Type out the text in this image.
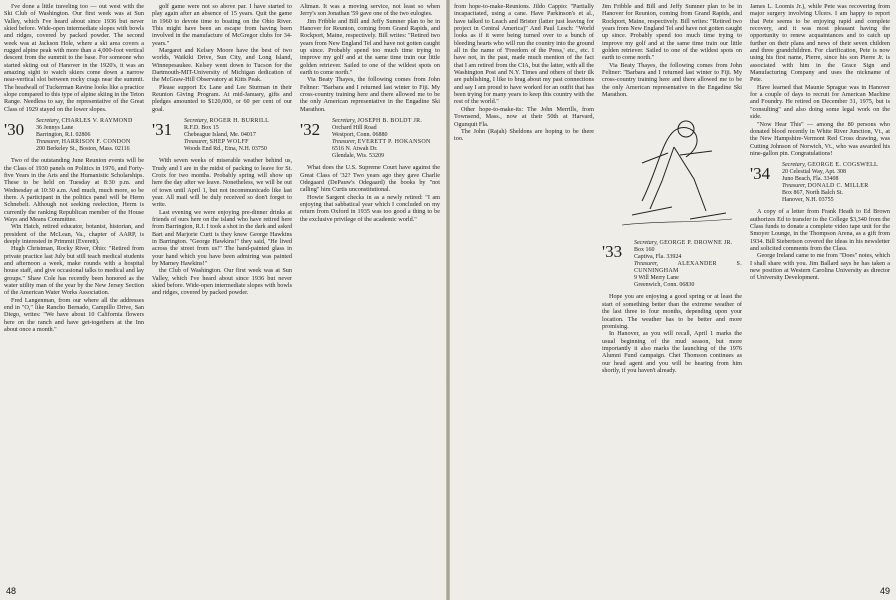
I've done a little traveling too — out west with the Ski Club of Washington. Our first week was at Sun Valley, which I've heard about since 1936 but never skied before. Wide-open intermediate slopes with bowls and ridges, covered by packed powder. The second week was at Jackson Hole, where a ski area covers a rugged alpine peak with more than a 4,000-foot vertical descent from the summit to the base. For someone who started skiing out of Hanover in the 1920's, it was an amazing sight to watch skiers come down a narrow near-vertical slot between rocky crags near the summit. The headwall of Tuckerman Ravine looks like a practice slope compared to this type of alpine skiing in the Teton Range. Needless to say, the representative of the Great Class of 1929 stayed on the lower slopes.

'30	Secretary, CHARLES V. RAYMOND
36 Jennys Lane
Barrington, R.I. 02806
Treasurer, HARRISON F. CONDON
200 Berkeley St., Boston, Mass. 02116

Two of the outstanding June Reunion events will be the Class of 1930 panels on Politics in 1976, and Forty-five Years in the Arts and the Humanistic Scholarships. These to be held on Tuesday at 8:30 p.m. and Wednesday at 10:30 a.m. And much, much more, so be there. A participant in the politics panel will be Herm Schnebelt. Although not seeking reelection, Herm is currently the ranking Republican member of the House Ways and Means Committee.

Win Hatch, retired educator, botanist, historian, and president of the McLean, Va., chapter of AARP, is deeply interested in Primmit (Everett).

Hugh Christman, Rocky River, Ohio: "Retired from private practice last July but still teach medical students and afternoon a week, make rounds with a hospital house staff, and give occasional talks to medical and lay groups." Shaw Cole has recently been honored as the water utility man of the year by the New Jersey Section of the American Water Works Association.

Fred Langenman, from our where all the addresses end in "O," like Rancho Bernado, Campillo Drive, San Diego, writes: "We have about 10 California flowers here on the ranch and have get-togethers at the Inn about once a month."

golf game were not so above par. I have started to play again after an absence of 15 years. Quit the game in 1960 to devote time to boating on the Ohio River. This might have been an escape from having been involved in the manufacture of McGregor clubs for 34-years."

Margaret and Kelsey Moore have the best of two worlds, Waikiki Drive, Sun City, and Long Island, Winnepesaukee. Kelsey went down to Tucson for the Dartmouth-MIT-University of Michigan dedication of the McGraw-Hill Observatory at Kitts Peak.

Please support Ex Lane and Lee Sturman in their Reunion Giving Program. At mid-January, gifts and pledges amounted to $120,000, or 60 per cent of our goal.

'31	Secretary, ROGER H. BURRILL
R.F.D. Box 15
Chebeague Island, Me. 04017
Treasurer, SHEP WOLFF
Woods End Rd., Etna, N.H. 03750

With seven weeks of miserable weather behind us, Trudy and I are in the midst of packing to leave for St. Croix for two months. Probably spring will show up here the day after we leave. Nonetheless, we will be out of town until April 1, but not incommunicado like last year. All mail will be duly received so don't forget to write.

Last evening we were enjoying pre-dinner drinks at friends of ours here on the island who have retired here from Barrington, R.I. I took a shot in the dark and asked Bart and Marjorie Curti is they knew George Hawkins in Barrington. "George Hawkins!" they said, "He lived across the street from us!" The hand-painted glass in your hand which you have been admiring was painted by Marney Hawkins!"

the Club of Washington. Our first week was at Sun Valley, which I've heard about since 1936 but never skied before. Wide-open intermediate slopes with bowls and ridges, covered by packed powder.

Altman. It was a moving service, not least so when Jerry's son Jonathan '59 gave one of the two eulogies.

Jim Fribble and Bill and Jeffy Sumner plan to be in Hanover for Reunion, coming from Grand Rapids, and Rockport, Maine, respectively. Bill writes: "Retired two years from New England Tel and have not gotten caught up since. Probably spend too much time trying to improve my golf and at the same time train our little golden retriever. Sailed to one of the wildest spots on earth to come north."

Via Beaty Thayes, the following comes from John Feltner: "Barbara and I returned last winter to Fiji. My cross-country training here and there allowed me to be the only American representative in the Engadine Ski Marathon.

'32	Secretary, JOSEPH B. BOLDT JR.
Orchard Hill Road
Westport, Conn. 06880
Treasurer, EVERETT P. HOKANSON
6516 N. Atwah Dr.
Glendale, Wis. 53209

What does the U.S. Supreme Court have against the Great Class of '32? Two years ago they gave Charlie Odegaard (DePauw's Odegaard) the books by "not calling" him Curtis unconstitutional.

Howie Sargent checks in as a newly retired: "I am enjoying that sabbatical year which I concluded on my return from Oxford in 1935 was too good a thing to be the exclusive privilege of the academic world."

48

from hope-to-make-Reunions. Jildo Cappio: "Partially incapacitated, using a cane. Have Parkinson's et al., have talked to Leach and Brister (latter just leaving for project in Central America)" And Paul Lesch: "World looks as if it were being turned over to a bunch of bleeding hearts who will run the country into the ground all in the name of 'Freedom of the Press,' etc., etc. I have not, in the past, made much mention of the fact that I am retired from the CIA, but the latter, with all the Washington Post and N.Y. Times and others of their ilk are publishing, I like to brag about my past connections and say I am proud to have worked for an outfit that has been trying for many years to keep this country with the rest of the world."

Other hope-to-make-its: The John Merrills, from Townsend, Mass., now at their 50th at Harvard, Ogunquit Fla.

The John (Rajah) Sheldons are hoping to be there too.

Jim Fribble and Bill and Jeffy Sumner plan to be in Hanover for Reunion, coming from Grand Rapids, and Rockport, Maine, respectively. Bill writes: "Retired two years from New England Tel and have not gotten caught up since. Probably spend too much time trying to improve my golf and at the same time train our little golden retriever. Sailed to one of the wildest spots on earth to come north."

Via Beaty Thayes, the following comes from John Feltner: "Barbara and I returned last winter to Fiji. My cross-country training here and there allowed me to be the only American representative in the Engadine Ski Marathon.

'33	Secretary, GEORGE P. DROWNE JR.
Box 160
Captiva, Fla. 33924
Treasurer,	ALEXANDER S. CUNNINGHAM
9 Will Merry Lane
Greenwich, Conn. 06830

Hope you are enjoying a good spring or at least the start of something better than the extreme weather of the last three to four months, depending upon your location. The weather has to be better and more promising.

In Hanover, as you will recall, April 1 marks the usual beginning of the mud season, but more importantly it also marks the launching of the 1976 Alumni Fund campaign. Chet Thomson continues as our head agent and you will be hearing from him shortly, if you haven't already.

James L. Loomis Jr.), while Pete was recovering from major surgery involving Ulcers. I am happy to report that Pete seems to be enjoying rapid and complete recovery, and it was most pleasant having the opportunity to renew acquaintances and to catch up further on their plans and news of their seven children and three grandchildren. For clarification, Pete is now using his first name, Pierre, since his son Pierre Jr. is associated with him in the Grace Sign and Manufacturing Company and uses the nickname of Pete.

Have learned that Maunie Sprague was in Hanover for a couple of days to recruit for American Machine and Foundry. He retired on December 31, 1975, but is "consulting" and also doing some legal work on the side.

"Now Hear This" — among the 80 persons who donated blood recently in White River Junction, Vt., at the New Hampshire-Vermont Red Cross drawing, was Cutting Johnson of Norwich, Vt., who was awarded his nine-gallon pin. Congratulations!

'34	Secretary, GEORGE E. COGSWELL
20 Celestial Way, Apt. 308
Juno Beach, Fla. 33408
Treasurer, DONALD C. MILLER
Box 867, North Balch St.
Hanover, N.H. 03755

A copy of a letter from Frank Heath to Ed Brown authorizes Ed to transfer to the College $3,340 from the Class funds to donate a complete video tape unit for the Smoyer Lounge, in the Thompson Arena, as a gift from 1934. Bill Siebertson covered the ideas in his newsletter and solicited comments from the Class.

George Ireland came to me from "Does" notes, which I shall share with you. Jim Ballard says he has taken a new position at Western Carolina University as director of University Development.

49
